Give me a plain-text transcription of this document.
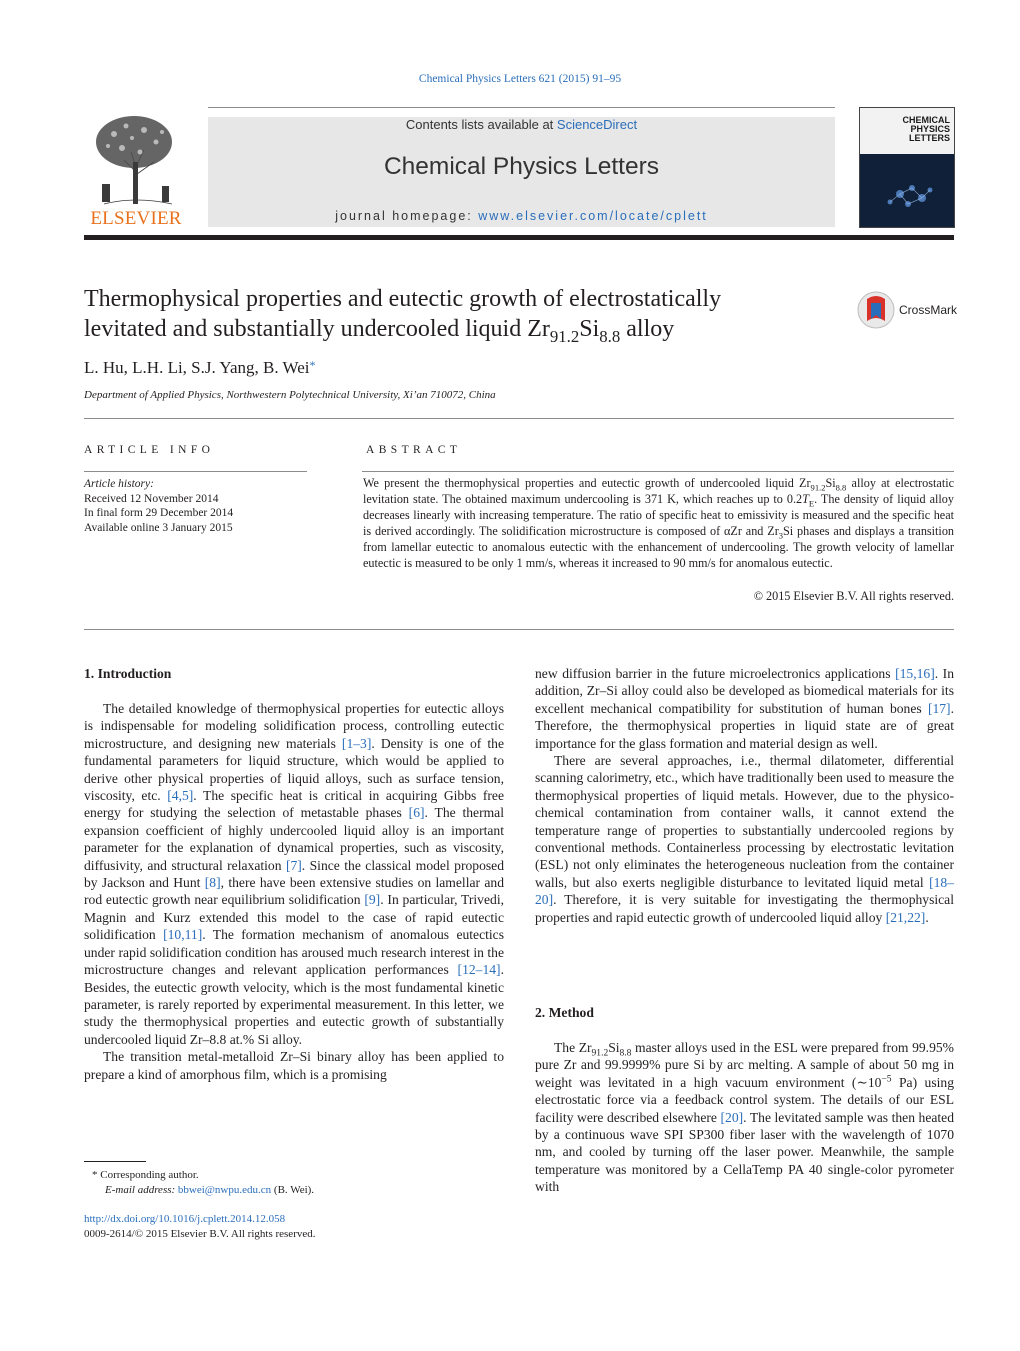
Chemical Physics Letters 621 (2015) 91–95
ELSEVIER
Contents lists available at ScienceDirect
Chemical Physics Letters
journal homepage: www.elsevier.com/locate/cplett
CHEMICAL PHYSICS LETTERS
Thermophysical properties and eutectic growth of electrostatically
levitated and substantially undercooled liquid $Zr_{91.2}Si_{8.8}$ alloy
CrossMark
L. Hu, L.H. Li, S.J. Yang, B. Wei*
Department of Applied Physics, Northwestern Polytechnical University, Xi’an 710072, China
ARTICLE INFO
Article history:
Received 12 November 2014
In final form 29 December 2014
Available online 3 January 2015
ABSTRACT
We present the thermophysical properties and eutectic growth of undercooled liquid $Zr_{91.2}Si_{8.8}$ alloy at electrostatic levitation state. The obtained maximum undercooling is 371 K, which reaches up to $0.2T_E$. The density of liquid alloy decreases linearly with increasing temperature. The ratio of specific heat to emissivity is measured and the specific heat is derived accordingly. The solidification microstructure is composed of αZr and $Zr_3Si$ phases and displays a transition from lamellar eutectic to anomalous eutectic with the enhancement of undercooling. The growth velocity of lamellar eutectic is measured to be only 1 mm/s, whereas it increased to 90 mm/s for anomalous eutectic.
© 2015 Elsevier B.V. All rights reserved.
1. Introduction

The detailed knowledge of thermophysical properties for eutectic alloys is indispensable for modeling solidification process, controlling eutectic microstructure, and designing new materials [1–3]. Density is one of the fundamental parameters for liquid structure, which would be applied to derive other physical properties of liquid alloys, such as surface tension, viscosity, etc. [4,5]. The specific heat is critical in acquiring Gibbs free energy for studying the selection of metastable phases [6]. The thermal expansion coefficient of highly undercooled liquid alloy is an important parameter for the explanation of dynamical properties, such as viscosity, diffusivity, and structural relaxation [7]. Since the classical model proposed by Jackson and Hunt [8], there have been extensive studies on lamellar and rod eutectic growth near equilibrium solidification [9]. In particular, Trivedi, Magnin and Kurz extended this model to the case of rapid eutectic solidification [10,11]. The formation mechanism of anomalous eutectics under rapid solidification condition has aroused much research interest in the microstructure changes and relevant application performances [12–14]. Besides, the eutectic growth velocity, which is the most fundamental kinetic parameter, is rarely reported by experimental measurement. In this letter, we study the thermophysical properties and eutectic growth of substantially undercooled liquid Zr–8.8 at.% Si alloy.

The transition metal-metalloid Zr–Si binary alloy has been applied to prepare a kind of amorphous film, which is a promising

new diffusion barrier in the future microelectronics applications [15,16]. In addition, Zr–Si alloy could also be developed as biomedical materials for its excellent mechanical compatibility for substitution of human bones [17]. Therefore, the thermophysical properties in liquid state are of great importance for the glass formation and material design as well.

There are several approaches, i.e., thermal dilatometer, differential scanning calorimetry, etc., which have traditionally been used to measure the thermophysical properties of liquid metals. However, due to the physico-chemical contamination from container walls, it cannot extend the temperature range of properties to substantially undercooled regions by conventional methods. Containerless processing by electrostatic levitation (ESL) not only eliminates the heterogeneous nucleation from the container walls, but also exerts negligible disturbance to levitated liquid metal [18–20]. Therefore, it is very suitable for investigating the thermophysical properties and rapid eutectic growth of undercooled liquid alloy [21,22].

2. Method

The $Zr_{91.2}Si_{8.8}$ master alloys used in the ESL were prepared from 99.95% pure Zr and 99.9999% pure Si by arc melting. A sample of about 50 mg in weight was levitated in a high vacuum environment ($\sim 10^{-5}$ Pa) using electrostatic force via a feedback control system. The details of our ESL facility were described elsewhere [20]. The levitated sample was then heated by a continuous wave SPI SP300 fiber laser with the wavelength of 1070 nm, and cooled by turning off the laser power. Meanwhile, the sample temperature was monitored by a CellaTemp PA 40 single-color pyrometer with

* Corresponding author.
E-mail address: bbwei@nwpu.edu.cn (B. Wei).
http://dx.doi.org/10.1016/j.cplett.2014.12.058
0009-2614/© 2015 Elsevier B.V. All rights reserved.
